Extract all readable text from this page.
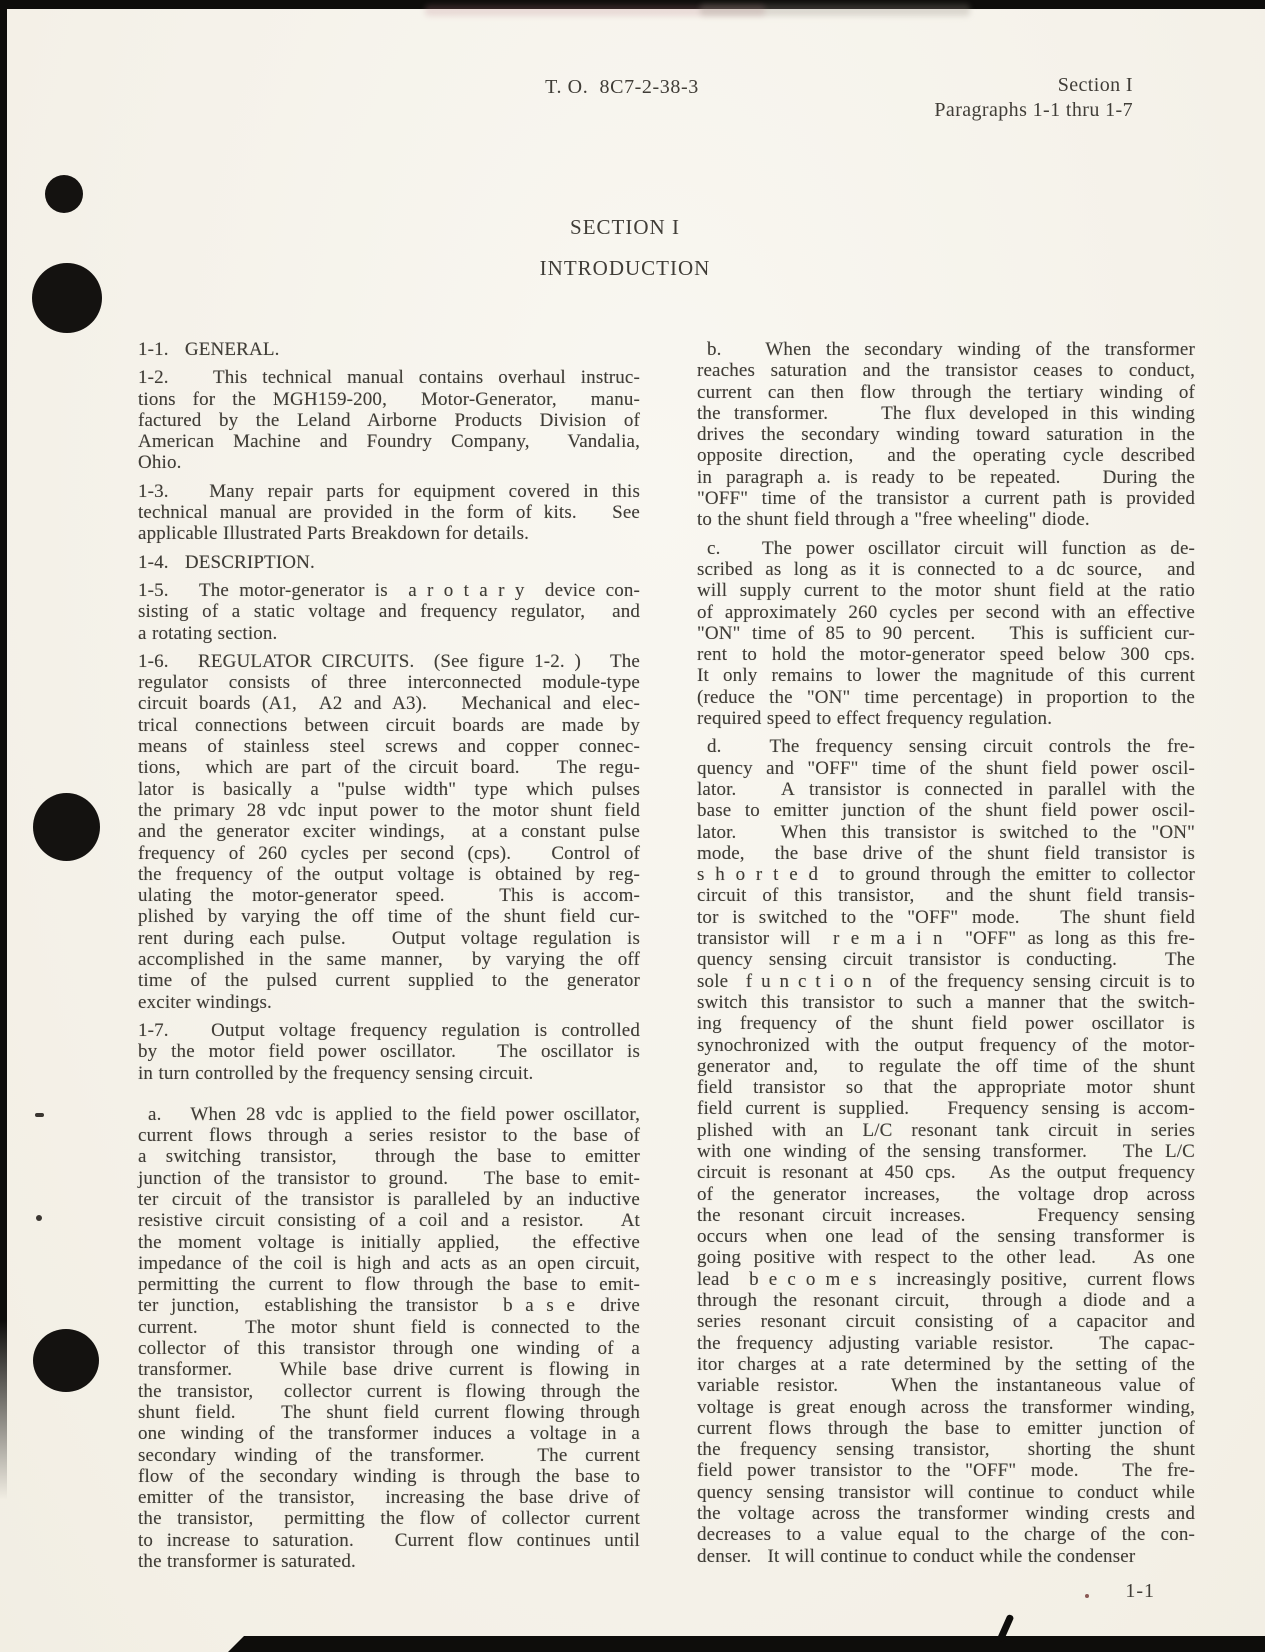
T. O.  8C7-2-38-3	Section I
Paragraphs 1-1 thru 1-7
SECTION I
INTRODUCTION
1-1.   GENERAL.
1-2.   This technical manual contains overhaul instruc-
tions for the MGH159-200,  Motor-Generator,  manu-
factured by the Leland Airborne Products Division of
American Machine and Foundry Company,  Vandalia,
Ohio.
1-3.   Many repair parts for equipment covered in this
technical manual are provided in the form of kits.   See
applicable Illustrated Parts Breakdown for details.
1-4.   DESCRIPTION.
1-5.   The motor-generator is  a r o t a r y  device con-
sisting of a static voltage and frequency regulator,  and
a rotating section.
1-6.   REGULATOR CIRCUITS.  (See figure 1-2. )   The
regulator consists of three interconnected module-type
circuit boards (A1,  A2 and A3).   Mechanical and elec-
trical connections between circuit boards are made by
means of stainless steel screws and copper connec-
tions,  which are part of the circuit board.   The regu-
lator is basically a "pulse width" type which pulses
the primary 28 vdc input power to the motor shunt field
and the generator exciter windings,  at a constant pulse
frequency of 260 cycles per second (cps).   Control of
the frequency of the output voltage is obtained by reg-
ulating the motor-generator speed.   This is accom-
plished by varying the off time of the shunt field cur-
rent during each pulse.   Output voltage regulation is
accomplished in the same manner,  by varying the off
time of the pulsed current supplied to the generator
exciter windings.
1-7.   Output voltage frequency regulation is controlled
by the motor field power oscillator.   The oscillator is
in turn controlled by the frequency sensing circuit.
a.   When 28 vdc is applied to the field power oscillator,
current flows through a series resistor to the base of
a switching transistor,  through the base to emitter
junction of the transistor to ground.   The base to emit-
ter circuit of the transistor is paralleled by an inductive
resistive circuit consisting of a coil and a resistor.   At
the moment voltage is initially applied,  the effective
impedance of the coil is high and acts as an open circuit,
permitting the current to flow through the base to emit-
ter junction,  establishing the transistor  b a s e  drive
current.   The motor shunt field is connected to the
collector of this transistor through one winding of a
transformer.   While base drive current is flowing in
the transistor,  collector current is flowing through the
shunt field.   The shunt field current flowing through
one winding of the transformer induces a voltage in a
secondary winding of the transformer.   The current
flow of the secondary winding is through the base to
emitter of the transistor,  increasing the base drive of
the transistor,  permitting the flow of collector current
to increase to saturation.   Current flow continues until
the transformer is saturated.
b.   When the secondary winding of the transformer
reaches saturation and the transistor ceases to conduct,
current can then flow through the tertiary winding of
the transformer.    The flux developed in this winding
drives the secondary winding toward saturation in the
opposite direction,  and the operating cycle described
in paragraph a. is ready to be repeated.   During the
"OFF" time of the transistor a current path is provided
to the shunt field through a "free wheeling" diode.
c.   The power oscillator circuit will function as de-
scribed as long as it is connected to a dc source,  and
will supply current to the motor shunt field at the ratio
of approximately 260 cycles per second with an effective
"ON" time of 85 to 90 percent.   This is sufficient cur-
rent to hold the motor-generator speed below 300 cps.
It only remains to lower the magnitude of this current
(reduce the "ON" time percentage) in proportion to the
required speed to effect frequency regulation.
d.   The frequency sensing circuit controls the fre-
quency and "OFF" time of the shunt field power oscil-
lator.   A transistor is connected in parallel with the
base to emitter junction of the shunt field power oscil-
lator.   When this transistor is switched to the "ON"
mode,  the base drive of the shunt field transistor is
s h o r t e d  to ground through the emitter to collector
circuit of this transistor,  and the shunt field transis-
tor is switched to the "OFF" mode.   The shunt field
transistor will  r e m a i n  "OFF" as long as this fre-
quency sensing circuit transistor is conducting.   The
sole  f u n c t i o n  of the frequency sensing circuit is to
switch this transistor to such a manner that the switch-
ing frequency of the shunt field power oscillator is
synochronized with the output frequency of the motor-
generator and,  to regulate the off time of the shunt
field transistor so that the appropriate motor shunt
field current is supplied.   Frequency sensing is accom-
plished with an L/C resonant tank circuit in series
with one winding of the sensing transformer.   The L/C
circuit is resonant at 450 cps.   As the output frequency
of the generator increases,  the voltage drop across
the resonant circuit increases.    Frequency sensing
occurs when one lead of the sensing transformer is
going positive with respect to the other lead.   As one
lead  b e c o m e s  increasingly positive,  current flows
through the resonant circuit,  through a diode and a
series resonant circuit consisting of a capacitor and
the frequency adjusting variable resistor.   The capac-
itor charges at a rate determined by the setting of the
variable resistor.   When the instantaneous value of
voltage is great enough across the transformer winding,
current flows through the base to emitter junction of
the frequency sensing transistor,  shorting the shunt
field power transistor to the "OFF" mode.   The fre-
quency sensing transistor will continue to conduct while
the voltage across the transformer winding crests and
decreases to a value equal to the charge of the con-
denser.   It will continue to conduct while the condenser
1-1
